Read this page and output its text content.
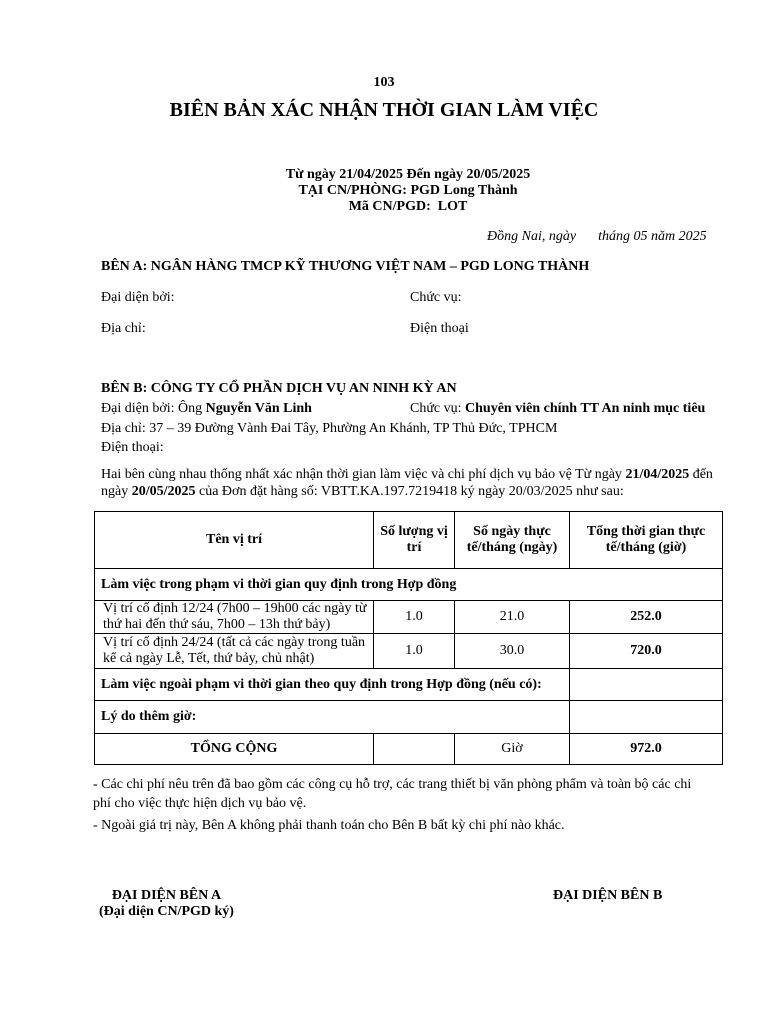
103
BIÊN BẢN XÁC NHẬN THỜI GIAN LÀM VIỆC
Từ ngày 21/04/2025 Đến ngày 20/05/2025
TẠI CN/PHÒNG: PGD Long Thành
Mã CN/PGD:  LOT
Đồng Nai, ngày tháng 05 năm 2025
BÊN A: NGÂN HÀNG TMCP KỸ THƯƠNG VIỆT NAM – PGD LONG THÀNH
Đại diện bởi:	Chức vụ:
Địa chỉ:	Điện thoại
BÊN B: CÔNG TY CỔ PHẦN DỊCH VỤ AN NINH KỲ AN
Đại diện bởi: Ông Nguyễn Văn Linh	Chức vụ: Chuyên viên chính TT An ninh mục tiêu
Địa chỉ: 37 – 39 Đường Vành Đai Tây, Phường An Khánh, TP Thủ Đức, TPHCM
Điện thoại:
Hai bên cùng nhau thống nhất xác nhận thời gian làm việc và chi phí dịch vụ bảo vệ Từ ngày 21/04/2025 đến ngày 20/05/2025 của Đơn đặt hàng số: VBTT.KA.197.7219418 ký ngày 20/03/2025 như sau:
Tên vị trí	Số lượng vị trí	Số ngày thực tế/tháng (ngày)	Tổng thời gian thực tế/tháng (giờ)
Làm việc trong phạm vi thời gian quy định trong Hợp đồng			
Vị trí cố định 12/24 (7h00 – 19h00 các ngày từ thứ hai đến thứ sáu, 7h00 – 13h thứ bảy)	1.0	21.0	252.0
Vị trí cố định 24/24 (tất cả các ngày trong tuần kể cả ngày Lễ, Tết, thứ bảy, chủ nhật)	1.0	30.0	720.0
Làm việc ngoài phạm vi thời gian theo quy định trong Hợp đồng (nếu có):			
Lý do thêm giờ:			
TỔNG CỘNG		Giờ	972.0
- Các chi phí nêu trên đã bao gồm các công cụ hỗ trợ, các trang thiết bị văn phòng phẩm và toàn bộ các chi phí cho việc thực hiện dịch vụ bảo vệ.
- Ngoài giá trị này, Bên A không phải thanh toán cho Bên B bất kỳ chi phí nào khác.
ĐẠI DIỆN BÊN A
(Đại diện CN/PGD ký)
ĐẠI DIỆN BÊN B
